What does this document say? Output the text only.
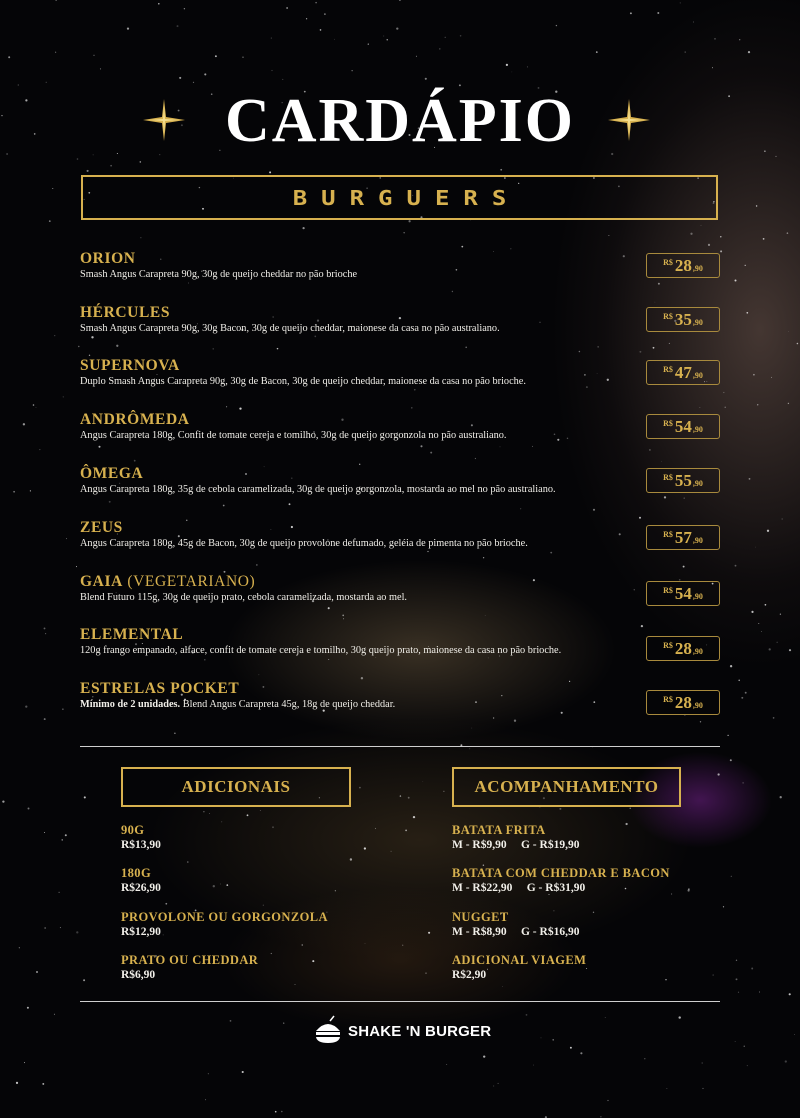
CARDÁPIO
BURGUERS
ORION
Smash Angus Carapreta 90g, 30g de queijo cheddar no pão brioche
R$ 28 ,90
HÉRCULES
Smash Angus Carapreta 90g, 30g Bacon, 30g de queijo cheddar, maionese da casa no pão australiano.
R$ 35 ,90
SUPERNOVA
Duplo Smash Angus Carapreta 90g, 30g de Bacon, 30g de queijo cheddar, maionese da casa no pão brioche.
R$ 47 ,90
ANDRÔMEDA
Angus Carapreta 180g, Confit de tomate cereja e tomilho, 30g de queijo gorgonzola no pão australiano.
R$ 54 ,90
ÔMEGA
Angus Carapreta 180g, 35g de cebola caramelizada, 30g de queijo gorgonzola, mostarda ao mel no pão australiano.
R$ 55 ,90
ZEUS
Angus Carapreta 180g, 45g de Bacon, 30g de queijo provolone defumado, geléia de pimenta no pão brioche.
R$ 57 ,90
GAIA (VEGETARIANO)
Blend Futuro 115g, 30g de queijo prato, cebola caramelizada, mostarda ao mel.
R$ 54 ,90
ELEMENTAL
120g frango empanado, alface, confit de tomate cereja e tomilho, 30g queijo prato, maionese da casa no pão brioche.	R$ 28 ,90
ESTRELAS POCKET
Mínimo de 2 unidades. Blend Angus Carapreta 45g, 18g de queijo cheddar.	R$ 28 ,90
ADICIONAIS
90G
R$13,90
180G
R$26,90
PROVOLONE OU GORGONZOLA
R$12,90
PRATO OU CHEDDAR
R$6,90
ACOMPANHAMENTO
BATATA FRITA
M - R$9,90     G - R$19,90
BATATA COM CHEDDAR E BACON
M - R$22,90     G - R$31,90
NUGGET
M - R$8,90     G - R$16,90
ADICIONAL VIAGEM
R$2,90
SHAKE 'N BURGER
